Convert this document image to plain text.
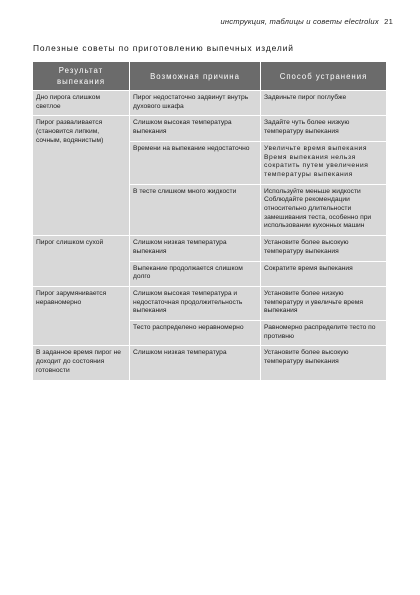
инструкция, таблицы и советы electrolux 21
Полезные советы по приготовлению выпечных изделий
Результат выпекания	Возможная причина	Способ устранения
Дно пирога слишком светлое	Пирог недостаточно задвинут внутрь духового шкафа	Задвиньте пирог поглубже
Пирог разваливается (становится липким, сочным, водянистым)	Слишком высокая температура выпекания	Задайте чуть более низкую температуру выпекания
	Времени на выпекание недостаточно	Увеличьте время выпекания Время выпекания нельзя сократить путем увеличения температуры выпекания
	В тесте слишком много жидкости	Используйте меньше жидкости Соблюдайте рекомендации относительно длительности замешивания теста, особенно при использовании кухонных машин
Пирог слишком сухой	Слишком низкая температура выпекания	Установите более высокую температуру выпекания
	Выпекание продолжается слишком долго	Сократите время выпекания
Пирог зарумянивается неравномерно	Слишком высокая температура и недостаточная продолжительность выпекания	Установите более низкую температуру и увеличьте время выпекания
	Тесто распределено неравномерно	Равномерно распределите тесто по противню
В заданное время пирог не доходит до состояния готовности	Слишком низкая температура	Установите более высокую температуру выпекания
